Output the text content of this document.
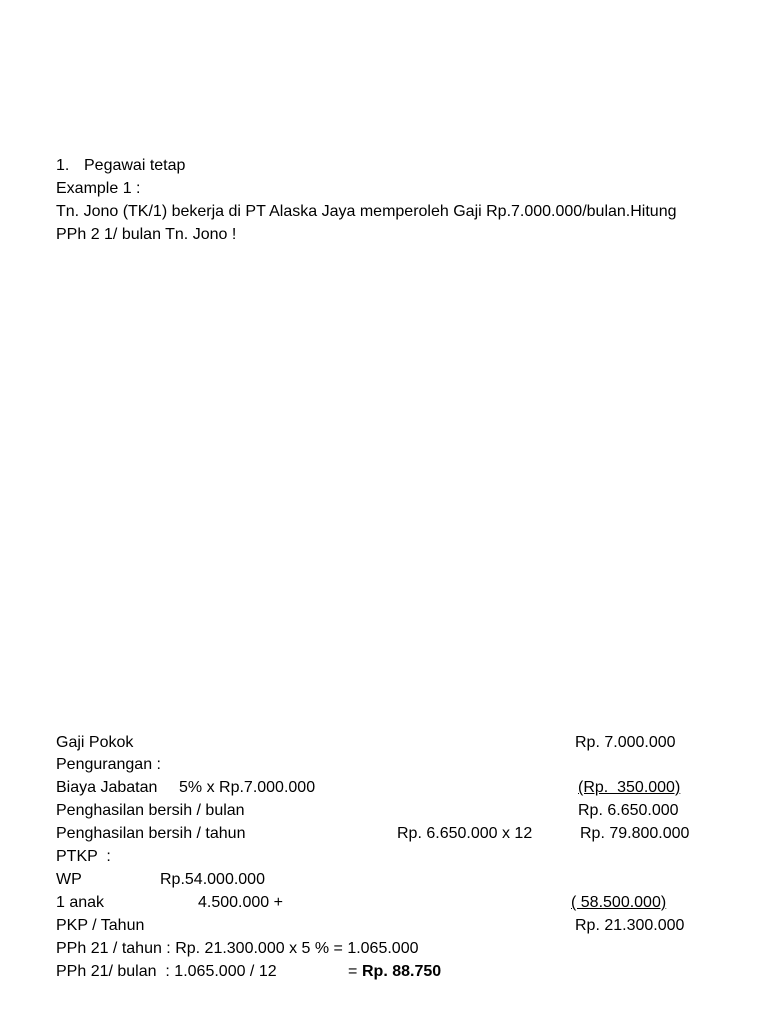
1. Pegawai tetap
Example 1 :
Tn. Jono (TK/1) bekerja di PT Alaska Jaya memperoleh Gaji Rp.7.000.000/bulan.Hitung
PPh 2 1/ bulan Tn. Jono !
Gaji Pokok	Rp. 7.000.000
Pengurangan :
Biaya Jabatan 5% x Rp.7.000.000	(Rp.  350.000)
Penghasilan bersih / bulan	Rp. 6.650.000
Penghasilan bersih / tahun	Rp. 6.650.000 x 12	Rp. 79.800.000
PTKP  :
WP	Rp.54.000.000
1 anak	4.500.000 +	( 58.500.000)
PKP / Tahun	Rp. 21.300.000
PPh 21 / tahun : Rp. 21.300.000 x 5 % = 1.065.000
PPh 21/ bulan  : 1.065.000 / 12	= Rp. 88.750
